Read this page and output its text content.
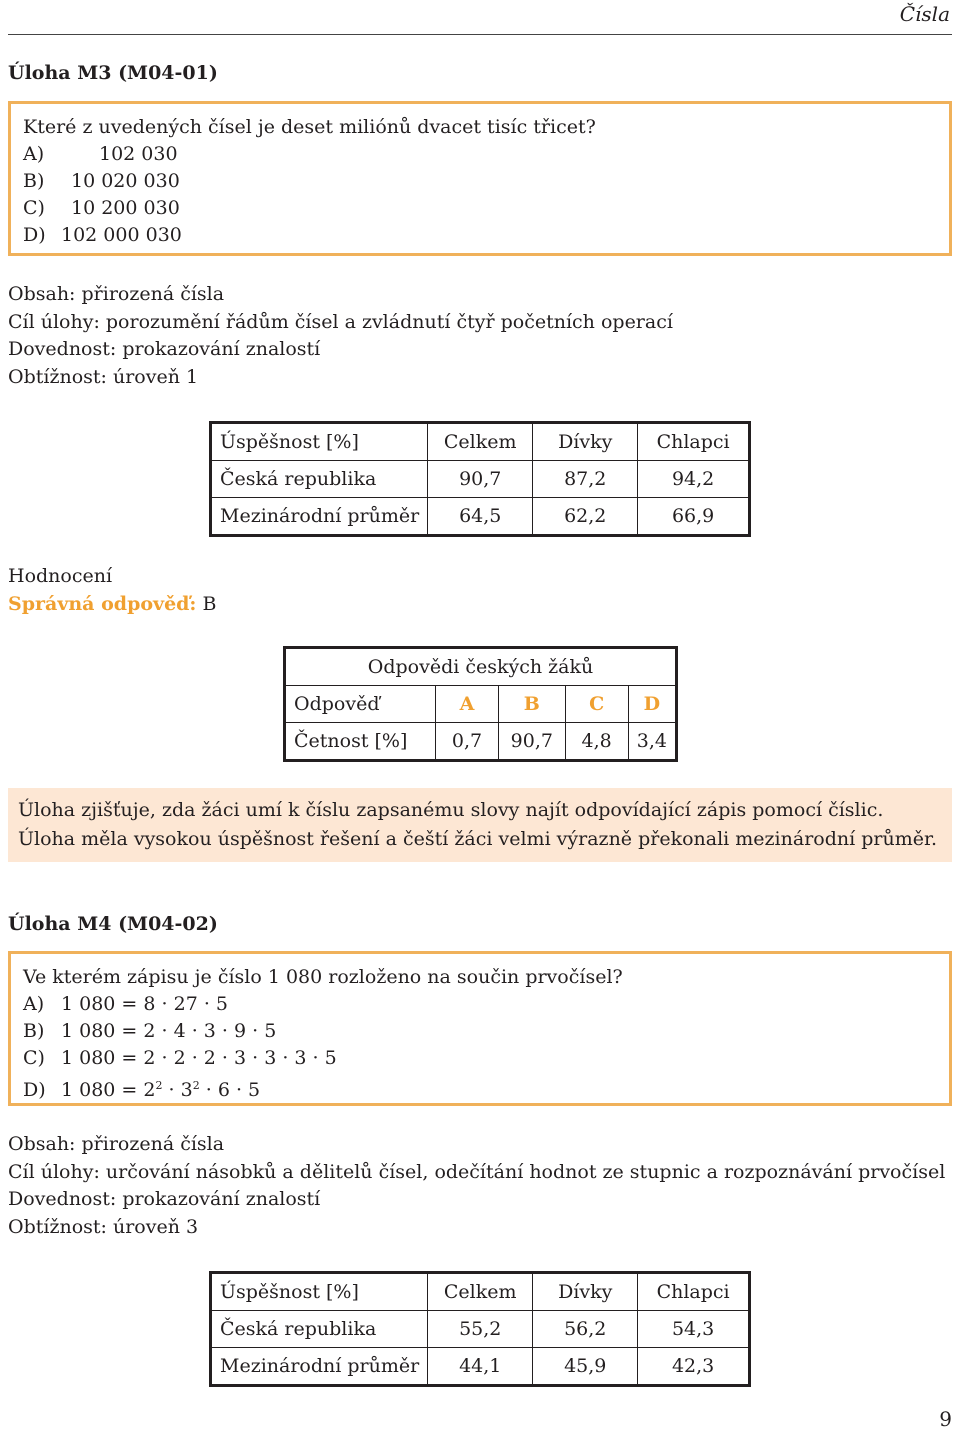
Čísla
Úloha M3 (M04-01)
Které z uvedených čísel je deset miliónů dvacet tisíc třicet?
A)	102 030
B) 10 020 030
C) 10 200 030
D) 102 000 030
Obsah: přirozená čísla
Cíl úlohy: porozumění řádům čísel a zvládnutí čtyř početních operací
Dovednost: prokazování znalostí
Obtížnost: úroveň 1
Úspěšnost [%]	Celkem	Dívky	Chlapci
Česká republika	90,7	87,2	94,2
Mezinárodní průměr	64,5	62,2	66,9
Hodnocení
Správná odpověď: B
Odpovědi českých žáků				
Odpověď	A	B	C	D
Četnost [%]	0,7	90,7	4,8	3,4
Úloha zjišťuje, zda žáci umí k číslu zapsanému slovy najít odpovídající zápis pomocí číslic. Úloha měla vysokou úspěšnost řešení a čeští žáci velmi výrazně překonali mezinárodní průměr.
Úloha M4 (M04-02)
Ve kterém zápisu je číslo 1 080 rozloženo na součin prvočísel?
A) 1 080 = 8 · 27 · 5
B) 1 080 = 2 · 4 · 3 · 9 · 5
C) 1 080 = 2 · 2 · 2 · 3 · 3 · 3 · 5
D) 1 $080 = 2^2 \cdot 3^2 \cdot 6 \cdot 5$
Obsah: přirozená čísla
Cíl úlohy: určování násobků a dělitelů čísel, odečítání hodnot ze stupnic a rozpoznávání prvočísel
Dovednost: prokazování znalostí
Obtížnost: úroveň 3
Úspěšnost [%]	Celkem	Dívky	Chlapci
Česká republika	55,2	56,2	54,3
Mezinárodní průměr	44,1	45,9	42,3
9
